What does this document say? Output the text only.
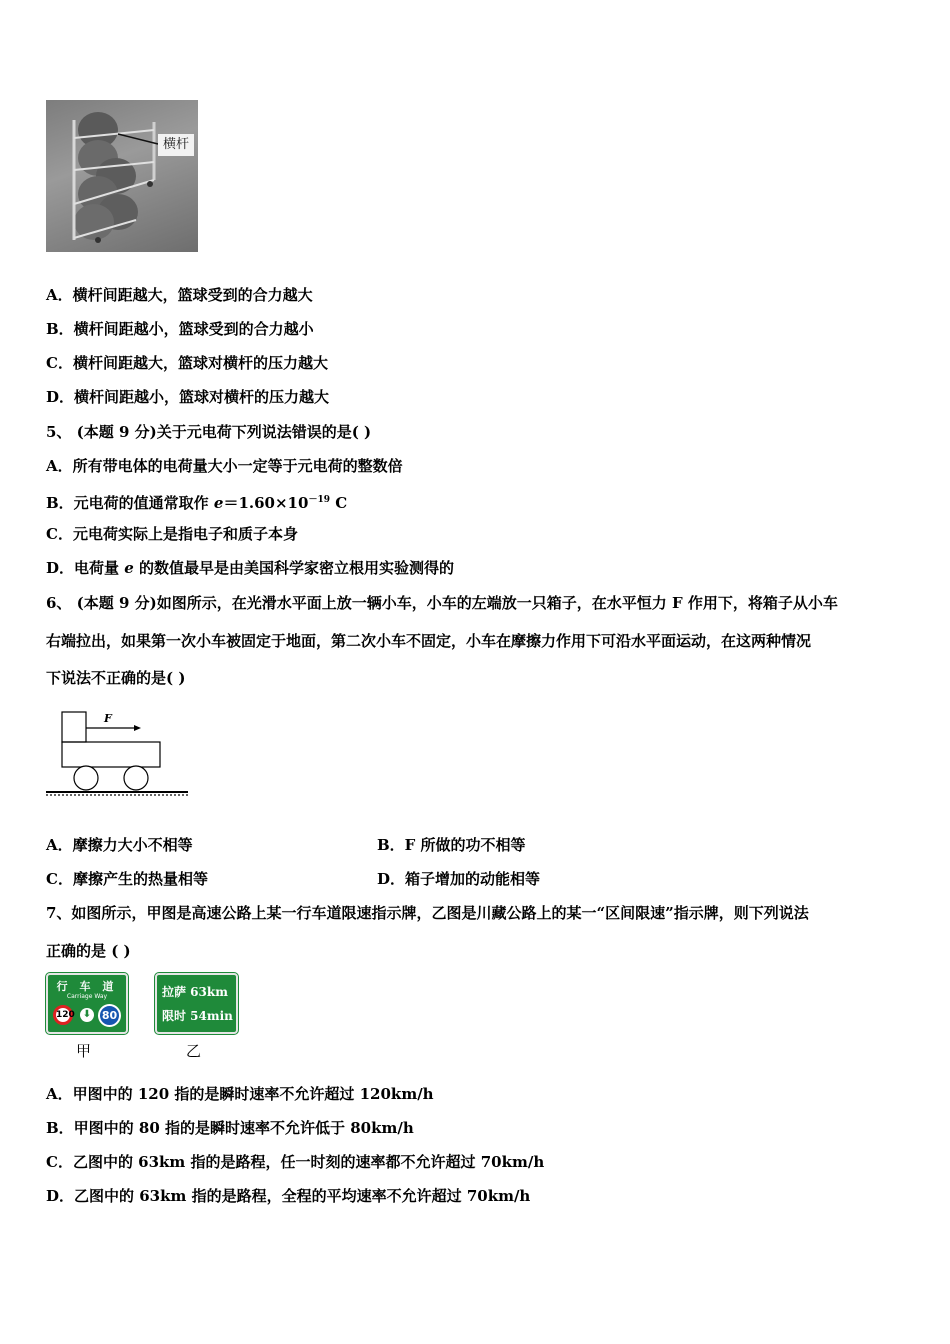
横杆
A．横杆间距越大，篮球受到的合力越大
B．横杆间距越小，篮球受到的合力越小
C．横杆间距越大，篮球对横杆的压力越大
D．横杆间距越小，篮球对横杆的压力越大
5、 (本题 9 分)关于元电荷下列说法错误的是( )
A．所有带电体的电荷量大小一定等于元电荷的整数倍
B．元电荷的值通常取作 $e=1.60\times 10^{-19}$ C
C．元电荷实际上是指电子和质子本身
D．电荷量 e 的数值最早是由美国科学家密立根用实验测得的
6、 (本题 9 分)如图所示，在光滑水平面上放一辆小车，小车的左端放一只箱子，在水平恒力 F 作用下，将箱子从小车
右端拉出，如果第一次小车被固定于地面，第二次小车不固定，小车在摩擦力作用下可沿水平面运动，在这两种情况
下说法不正确的是( )
F
A．摩擦力大小不相等	B．F 所做的功不相等
C．摩擦产生的热量相等	D．箱子增加的动能相等
7、如图所示，甲图是高速公路上某一行车道限速指示牌，乙图是川藏公路上的某一“区间限速”指示牌，则下列说法
正确的是 ( )
行 车 道
Carriage Way
120 ⬇ 80
甲
拉萨 63km
限时 54min
乙
A．甲图中的 120 指的是瞬时速率不允许超过 120km/h
B．甲图中的 80 指的是瞬时速率不允许低于 80km/h
C．乙图中的 63km 指的是路程，任一时刻的速率都不允许超过 70km/h
D．乙图中的 63km 指的是路程，全程的平均速率不允许超过 70km/h
